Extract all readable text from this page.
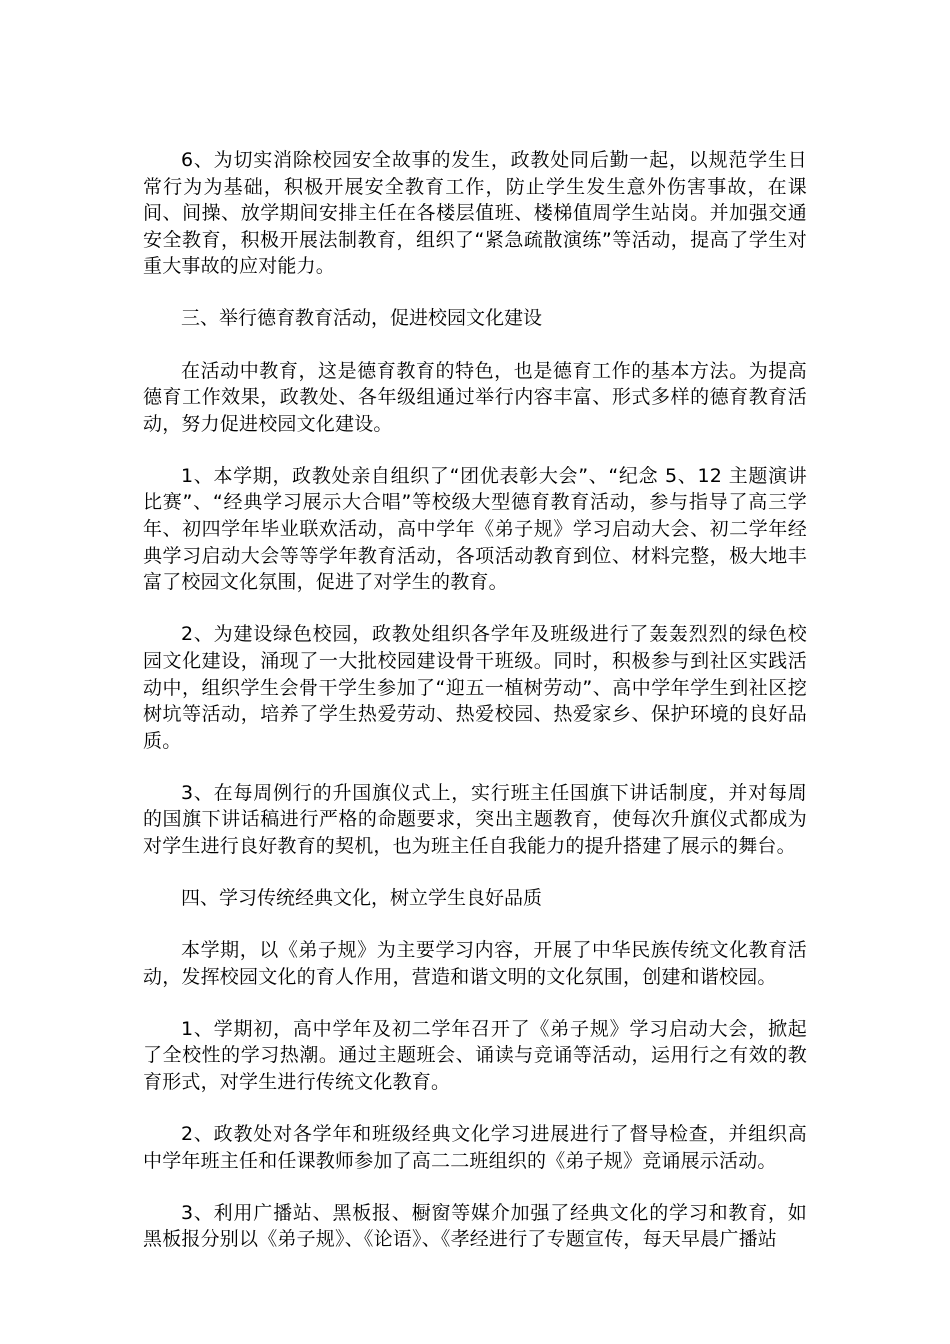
6、为切实消除校园安全故事的发生，政教处同后勤一起，以规范学生日常行为为基础，积极开展安全教育工作，防止学生发生意外伤害事故，在课间、间操、放学期间安排主任在各楼层值班、楼梯值周学生站岗。并加强交通安全教育，积极开展法制教育，组织了“紧急疏散演练”等活动，提高了学生对重大事故的应对能力。

三、举行德育教育活动，促进校园文化建设

在活动中教育，这是德育教育的特色，也是德育工作的基本方法。为提高德育工作效果，政教处、各年级组通过举行内容丰富、形式多样的德育教育活动，努力促进校园文化建设。

1、本学期，政教处亲自组织了“团优表彰大会”、“纪念 5、12 主题演讲比赛”、“经典学习展示大合唱”等校级大型德育教育活动，参与指导了高三学年、初四学年毕业联欢活动，高中学年《弟子规》学习启动大会、初二学年经典学习启动大会等等学年教育活动，各项活动教育到位、材料完整，极大地丰富了校园文化氛围，促进了对学生的教育。

2、为建设绿色校园，政教处组织各学年及班级进行了轰轰烈烈的绿色校园文化建设，涌现了一大批校园建设骨干班级。同时，积极参与到社区实践活动中，组织学生会骨干学生参加了“迎五一植树劳动”、高中学年学生到社区挖树坑等活动，培养了学生热爱劳动、热爱校园、热爱家乡、保护环境的良好品质。

3、在每周例行的升国旗仪式上，实行班主任国旗下讲话制度，并对每周的国旗下讲话稿进行严格的命题要求，突出主题教育，使每次升旗仪式都成为对学生进行良好教育的契机，也为班主任自我能力的提升搭建了展示的舞台。

四、学习传统经典文化，树立学生良好品质

本学期，以《弟子规》为主要学习内容，开展了中华民族传统文化教育活动，发挥校园文化的育人作用，营造和谐文明的文化氛围，创建和谐校园。

1、学期初，高中学年及初二学年召开了《弟子规》学习启动大会，掀起了全校性的学习热潮。通过主题班会、诵读与竞诵等活动，运用行之有效的教育形式，对学生进行传统文化教育。

2、政教处对各学年和班级经典文化学习进展进行了督导检查，并组织高中学年班主任和任课教师参加了高二二班组织的《弟子规》竞诵展示活动。

3、利用广播站、黑板报、橱窗等媒介加强了经典文化的学习和教育，如黑板报分别以《弟子规》、《论语》、《孝经进行了专题宣传，每天早晨广播站
